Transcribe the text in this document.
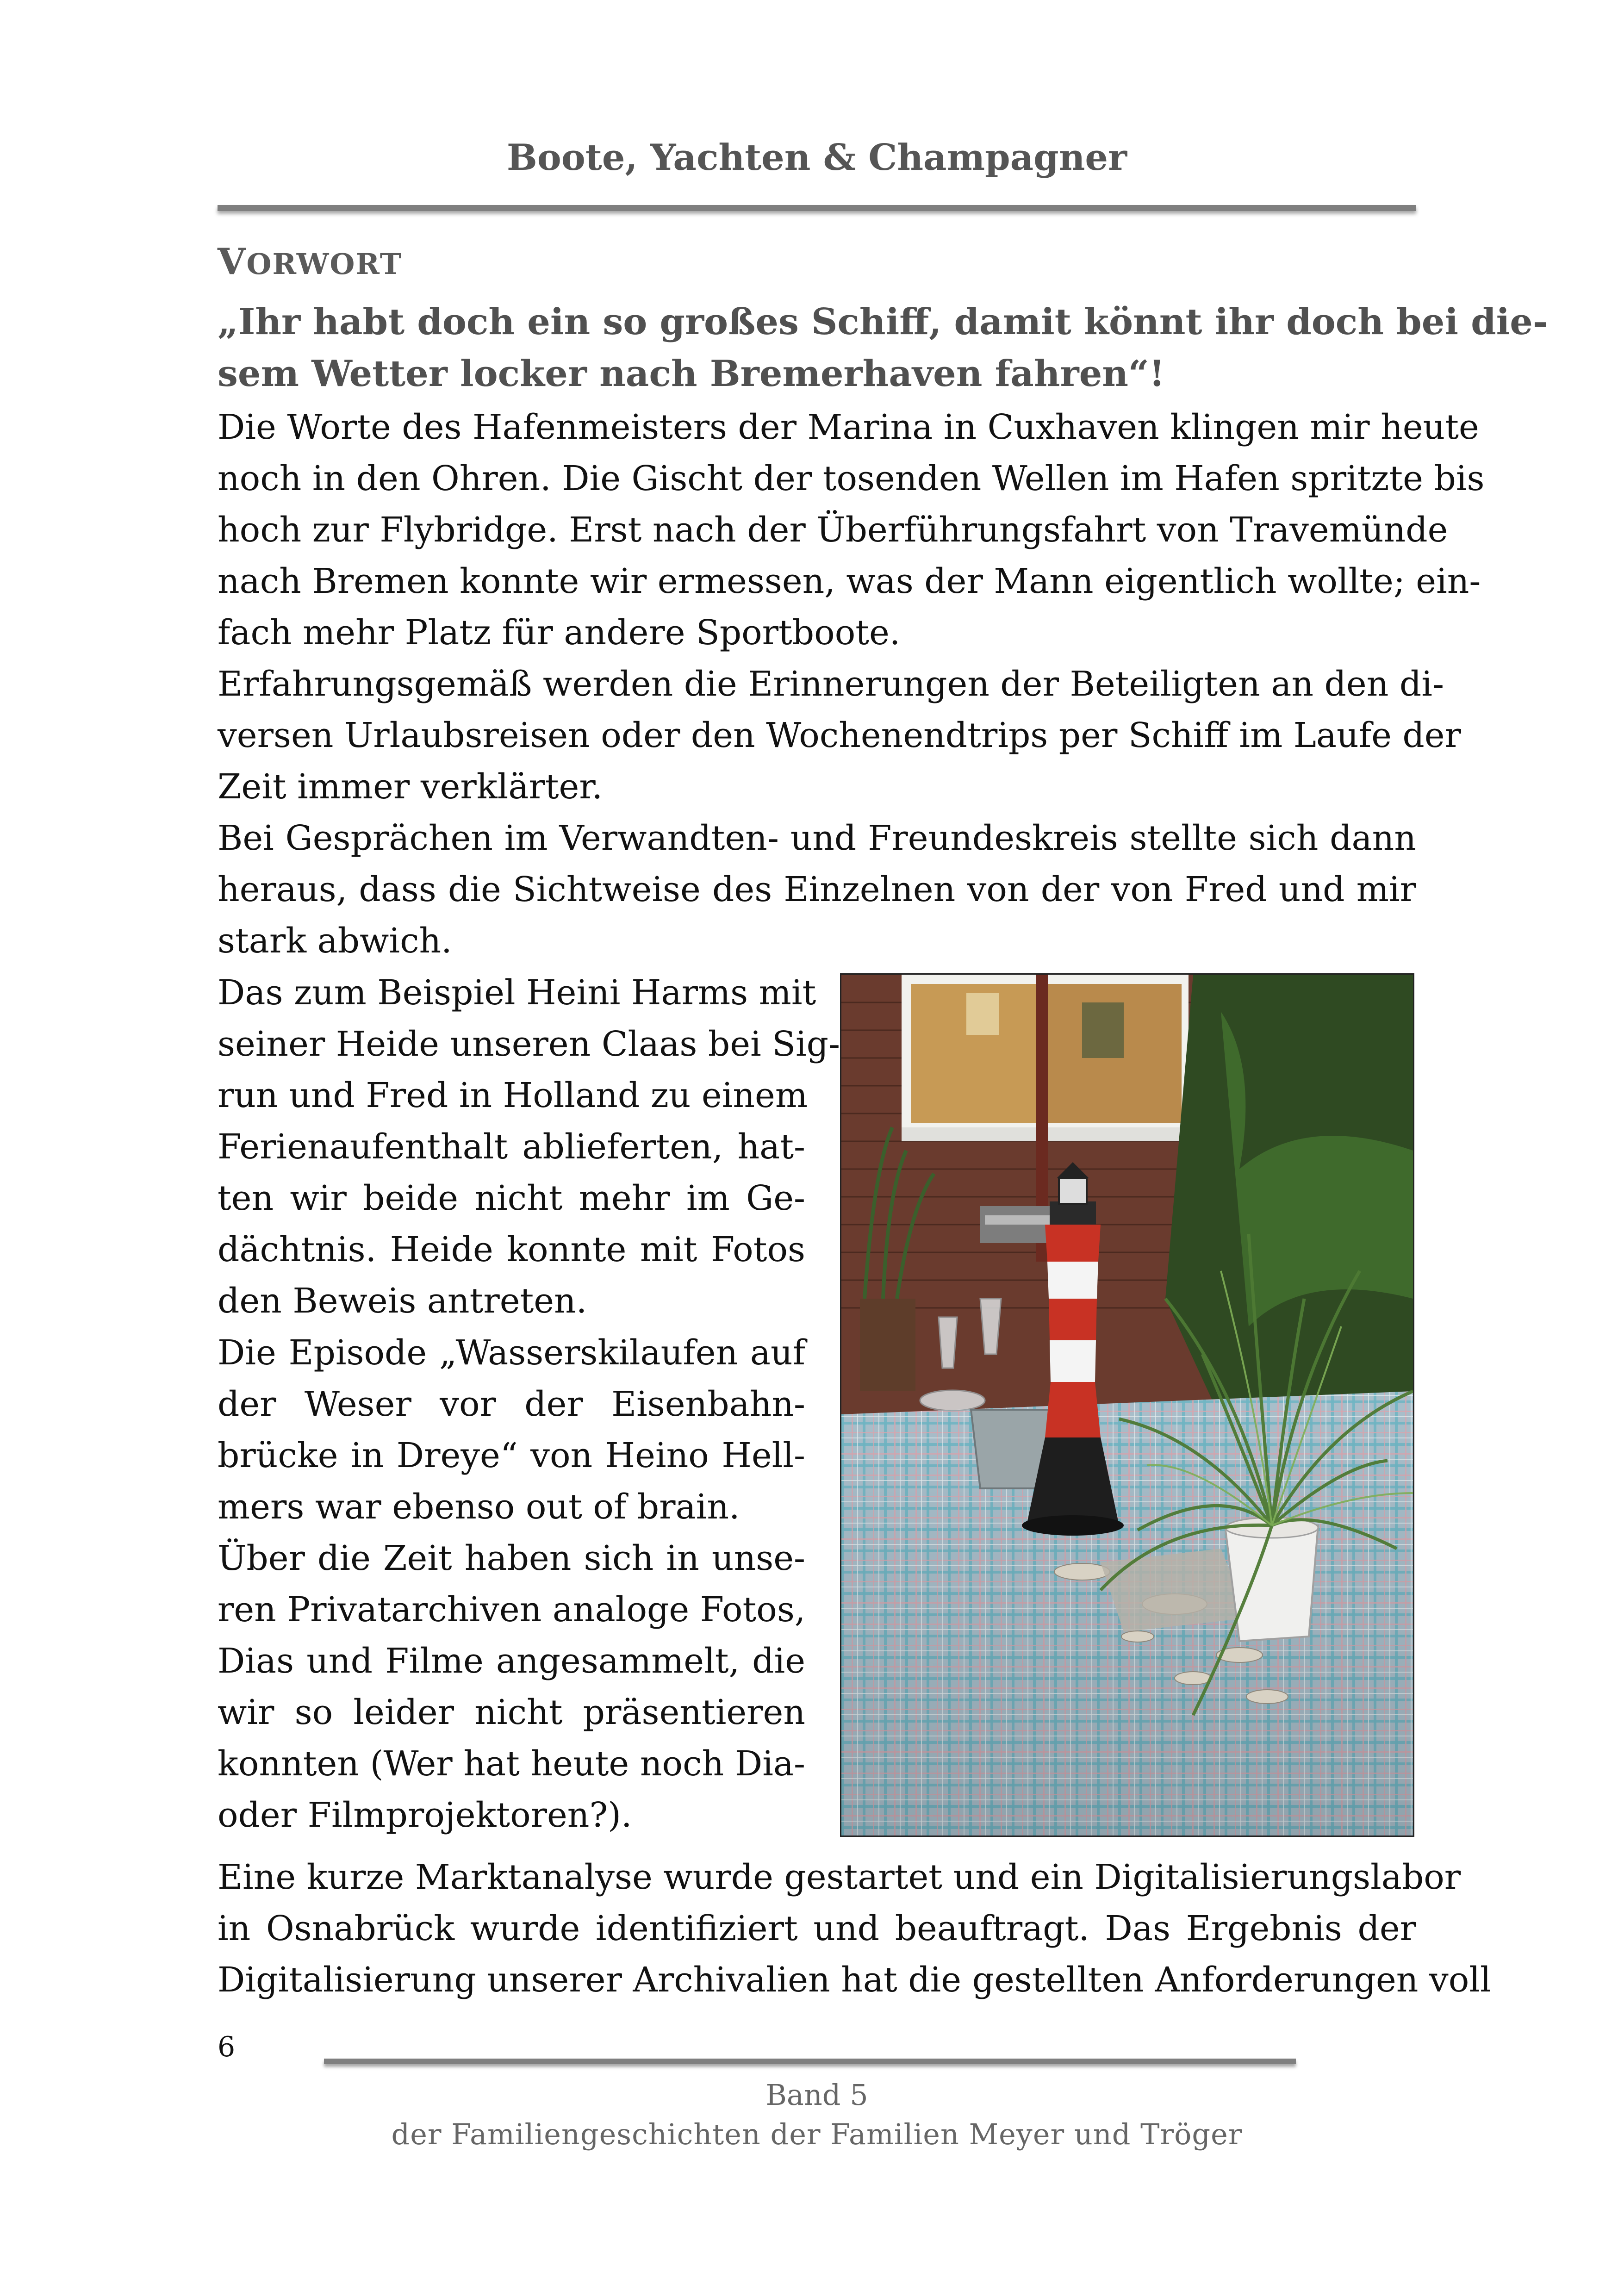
Boote, Yachten & Champagner
VORWORT
„Ihr habt doch ein so großes Schiff, damit könnt ihr doch bei die-
sem Wetter locker nach Bremerhaven fahren“!
Die Worte des Hafenmeisters der Marina in Cuxhaven klingen mir heute
noch in den Ohren. Die Gischt der tosenden Wellen im Hafen spritzte bis
hoch zur Flybridge. Erst nach der Überführungsfahrt von Travemünde
nach Bremen konnte wir ermessen, was der Mann eigentlich wollte; ein-
fach mehr Platz für andere Sportboote.
Erfahrungsgemäß werden die Erinnerungen der Beteiligten an den di-
versen Urlaubsreisen oder den Wochenendtrips per Schiff im Laufe der
Zeit immer verklärter.
Bei Gesprächen im Verwandten- und Freundeskreis stellte sich dann
heraus, dass die Sichtweise des Einzelnen von der von Fred und mir
stark abwich.
Das zum Beispiel Heini Harms mit
seiner Heide unseren Claas bei Sig-
run und Fred in Holland zu einem
Ferienaufenthalt ablieferten, hat-
ten wir beide nicht mehr im Ge-
dächtnis. Heide konnte mit Fotos
den Beweis antreten.
Die Episode „Wasserskilaufen auf
der Weser vor der Eisenbahn-
brücke in Dreye“ von Heino Hell-
mers war ebenso out of brain.
Über die Zeit haben sich in unse-
ren Privatarchiven analoge Fotos,
Dias und Filme angesammelt, die
wir so leider nicht präsentieren
konnten (Wer hat heute noch Dia-
oder Filmprojektoren?).
Eine kurze Marktanalyse wurde gestartet und ein Digitalisierungslabor
in Osnabrück wurde identifiziert und beauftragt. Das Ergebnis der
Digitalisierung unserer Archivalien hat die gestellten Anforderungen voll
6
Band 5
der Familiengeschichten der Familien Meyer und Tröger
